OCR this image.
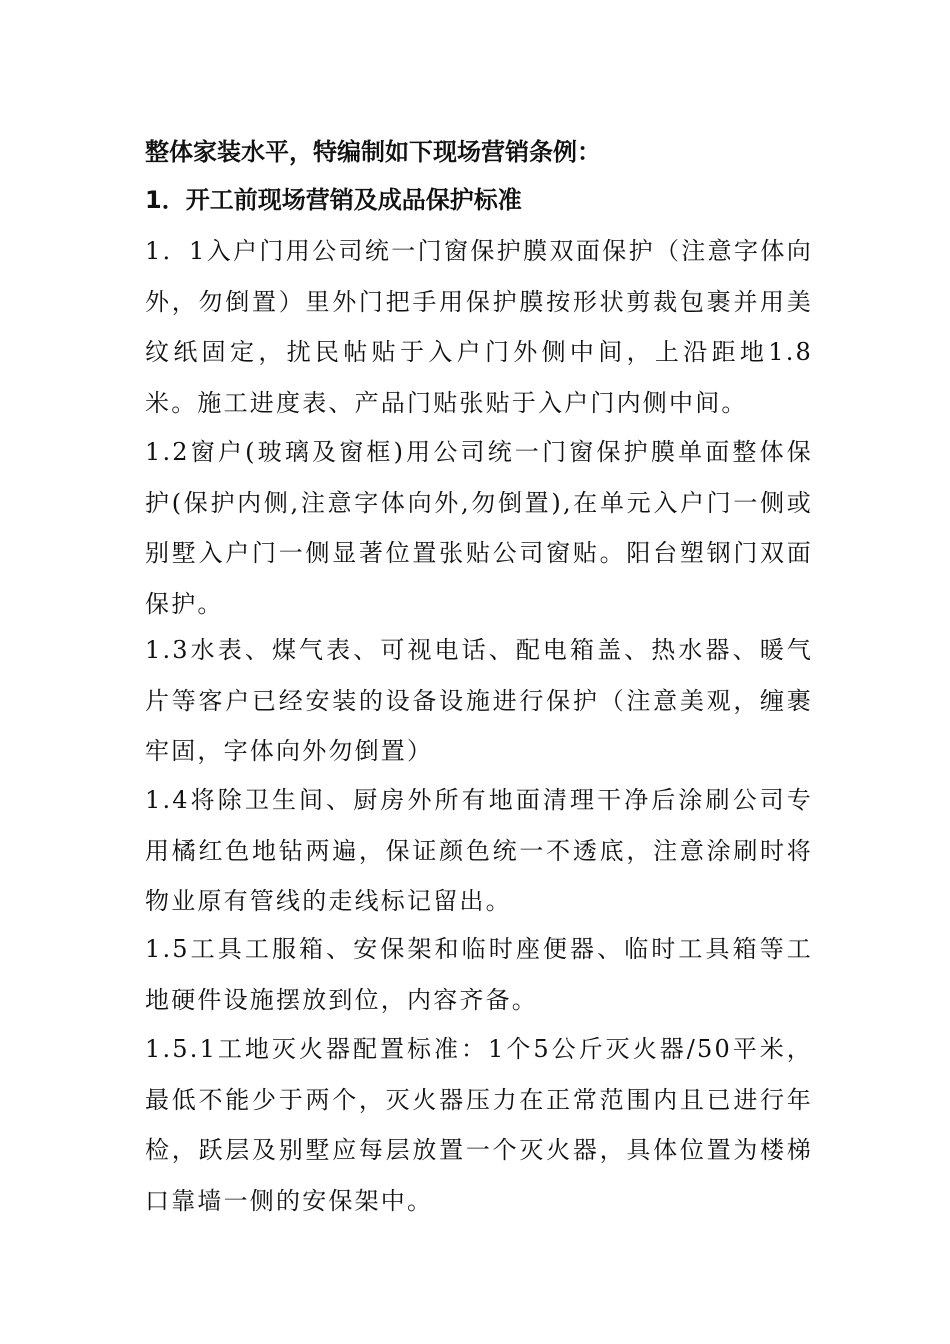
整体家装水平，特编制如下现场营销条例：

1．开工前现场营销及成品保护标准

1．1入户门用公司统一门窗保护膜双面保护（注意字体向外，勿倒置）里外门把手用保护膜按形状剪裁包裹并用美纹纸固定，扰民帖贴于入户门外侧中间，上沿距地1.8米。施工进度表、产品门贴张贴于入户门内侧中间。

1.2窗户(玻璃及窗框)用公司统一门窗保护膜单面整体保护(保护内侧,注意字体向外,勿倒置),在单元入户门一侧或别墅入户门一侧显著位置张贴公司窗贴。阳台塑钢门双面保护。

1.3水表、煤气表、可视电话、配电箱盖、热水器、暖气片等客户已经安装的设备设施进行保护（注意美观，缠裹牢固，字体向外勿倒置）

1.4将除卫生间、厨房外所有地面清理干净后涂刷公司专用橘红色地钻两遍，保证颜色统一不透底，注意涂刷时将物业原有管线的走线标记留出。

1.5工具工服箱、安保架和临时座便器、临时工具箱等工地硬件设施摆放到位，内容齐备。

1.5.1工地灭火器配置标准：1个5公斤灭火器/50平米，最低不能少于两个，灭火器压力在正常范围内且已进行年检，跃层及别墅应每层放置一个灭火器，具体位置为楼梯口靠墙一侧的安保架中。
